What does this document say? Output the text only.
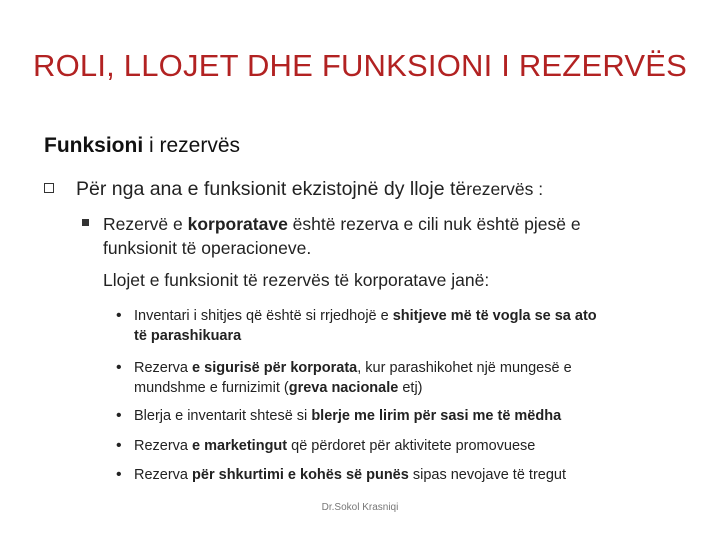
ROLI, LLOJET DHE FUNKSIONI I REZERVËS
Funksioni i rezervës
Për nga ana e funksionit ekzistojnë dy lloje të rezervës :
Rezervë e korporatave është rezerva e cili nuk është pjesë e
funksionit të operacioneve.
Llojet e funksionit të rezervës të korporatave janë:
• Inventari i shitjes që është si rrjedhojë e shitjeve më të vogla se sa ato
të parashikuara
• Rezerva e sigurisë për korporata, kur parashikohet një mungesë e
mundshme e furnizimit (greva nacionale etj)
• Blerja e inventarit shtesë si blerje me lirim për sasi me të mëdha
• Rezerva e marketingut që përdoret për aktivitete promovuese
• Rezerva për shkurtimi e kohës së punës sipas nevojave të tregut
Dr.Sokol Krasniqi
